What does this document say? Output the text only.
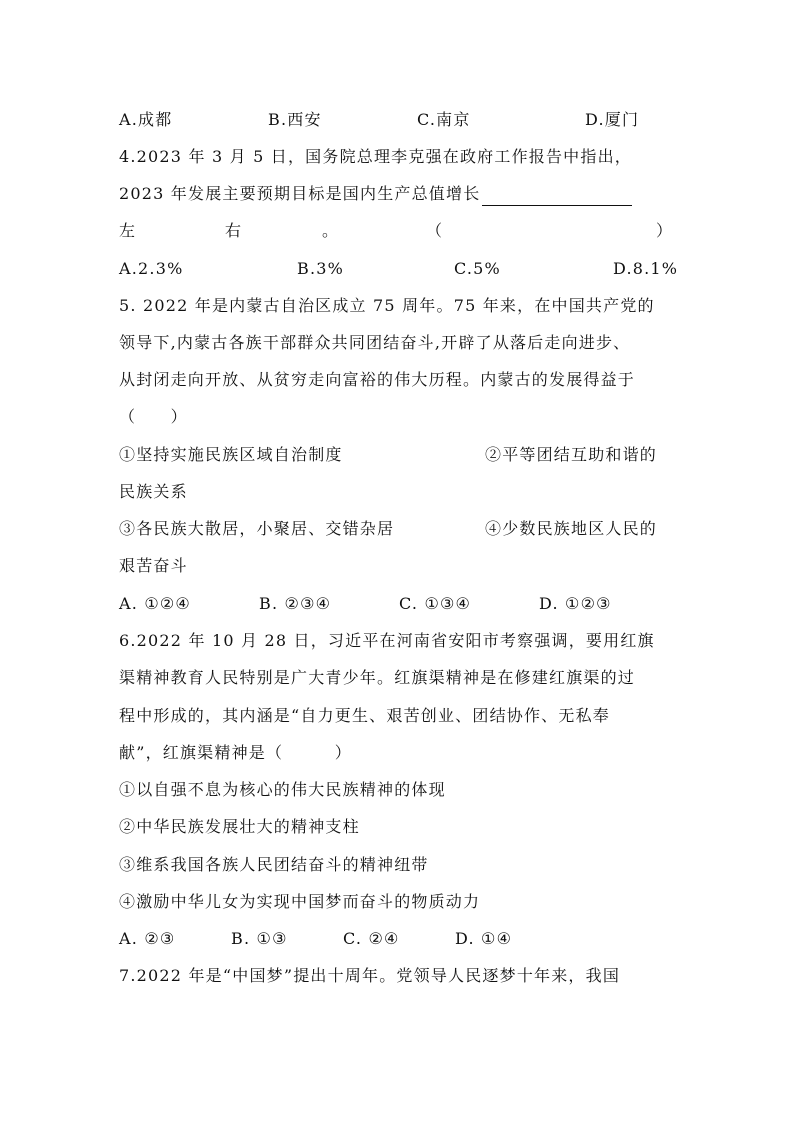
A.成都	B.西安	C.南京	D.厦门
4.2023 年 3 月 5 日，国务院总理李克强在政府工作报告中指出，
2023 年发展主要预期目标是国内生产总值增长
左	右	。	（	）
A.2.3%	B.3%	C.5%	D.8.1%
5. 2022 年是内蒙古自治区成立 75 周年。75 年来，在中国共产党的
领导下,内蒙古各族干部群众共同团结奋斗,开辟了从落后走向进步、
从封闭走向开放、从贫穷走向富裕的伟大历程。内蒙古的发展得益于
（　　）
①坚持实施民族区域自治制度	②平等团结互助和谐的
民族关系
③各民族大散居，小聚居、交错杂居	④少数民族地区人民的
艰苦奋斗
A. ①②④	B. ②③④	C. ①③④	D. ①②③
6.2022 年 10 月 28 日，习近平在河南省安阳市考察强调，要用红旗
渠精神教育人民特别是广大青少年。红旗渠精神是在修建红旗渠的过
程中形成的，其内涵是“自力更生、艰苦创业、团结协作、无私奉
献”，红旗渠精神是（　　　）
①以自强不息为核心的伟大民族精神的体现
②中华民族发展壮大的精神支柱
③维系我国各族人民团结奋斗的精神纽带
④激励中华儿女为实现中国梦而奋斗的物质动力
A. ②③	B. ①③	C. ②④	D. ①④
7.2022 年是“中国梦”提出十周年。党领导人民逐梦十年来，我国
